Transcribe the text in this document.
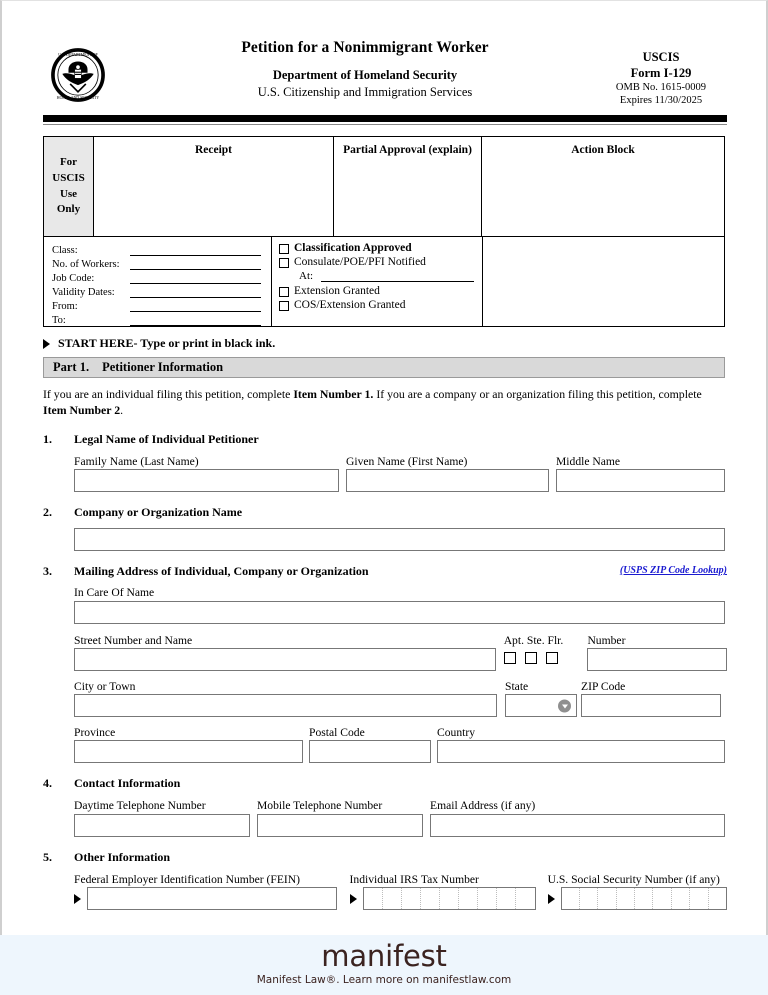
U.S. DEPARTMENT OF
HOMELAND SECURITY
Petition for a Nonimmigrant Worker
Department of Homeland Security
U.S. Citizenship and Immigration Services
USCIS
Form I-129
OMB No. 1615-0009
Expires 11/30/2025
For
USCIS
Use
Only
Receipt	Partial Approval (explain)	Action Block
Class:
No. of Workers:
Job Code:
Validity Dates:
From:
To:
Classification Approved
Consulate/POE/PFI Notified
At:
Extension Granted
COS/Extension Granted
START HERE - Type or print in black ink.
Part 1. Petitioner Information
If you are an individual filing this petition, complete Item Number 1. If you are a company or an organization filing this petition, complete Item Number 2.
1.	Legal Name of Individual Petitioner
Family Name (Last Name)	Given Name (First Name)	Middle Name
2.	Company or Organization Name
3.	Mailing Address of Individual, Company or Organization	(USPS ZIP Code Lookup)
In Care Of Name
Street Number and Name	Apt. Ste. Flr.	Number
City or Town	State	ZIP Code
Province	Postal Code	Country
4.	Contact Information
Daytime Telephone Number	Mobile Telephone Number	Email Address (if any)
5.	Other Information
Federal Employer Identification Number (FEIN)	Individual IRS Tax Number	U.S. Social Security Number (if any)
manifest
Manifest Law®. Learn more on manifestlaw.com
